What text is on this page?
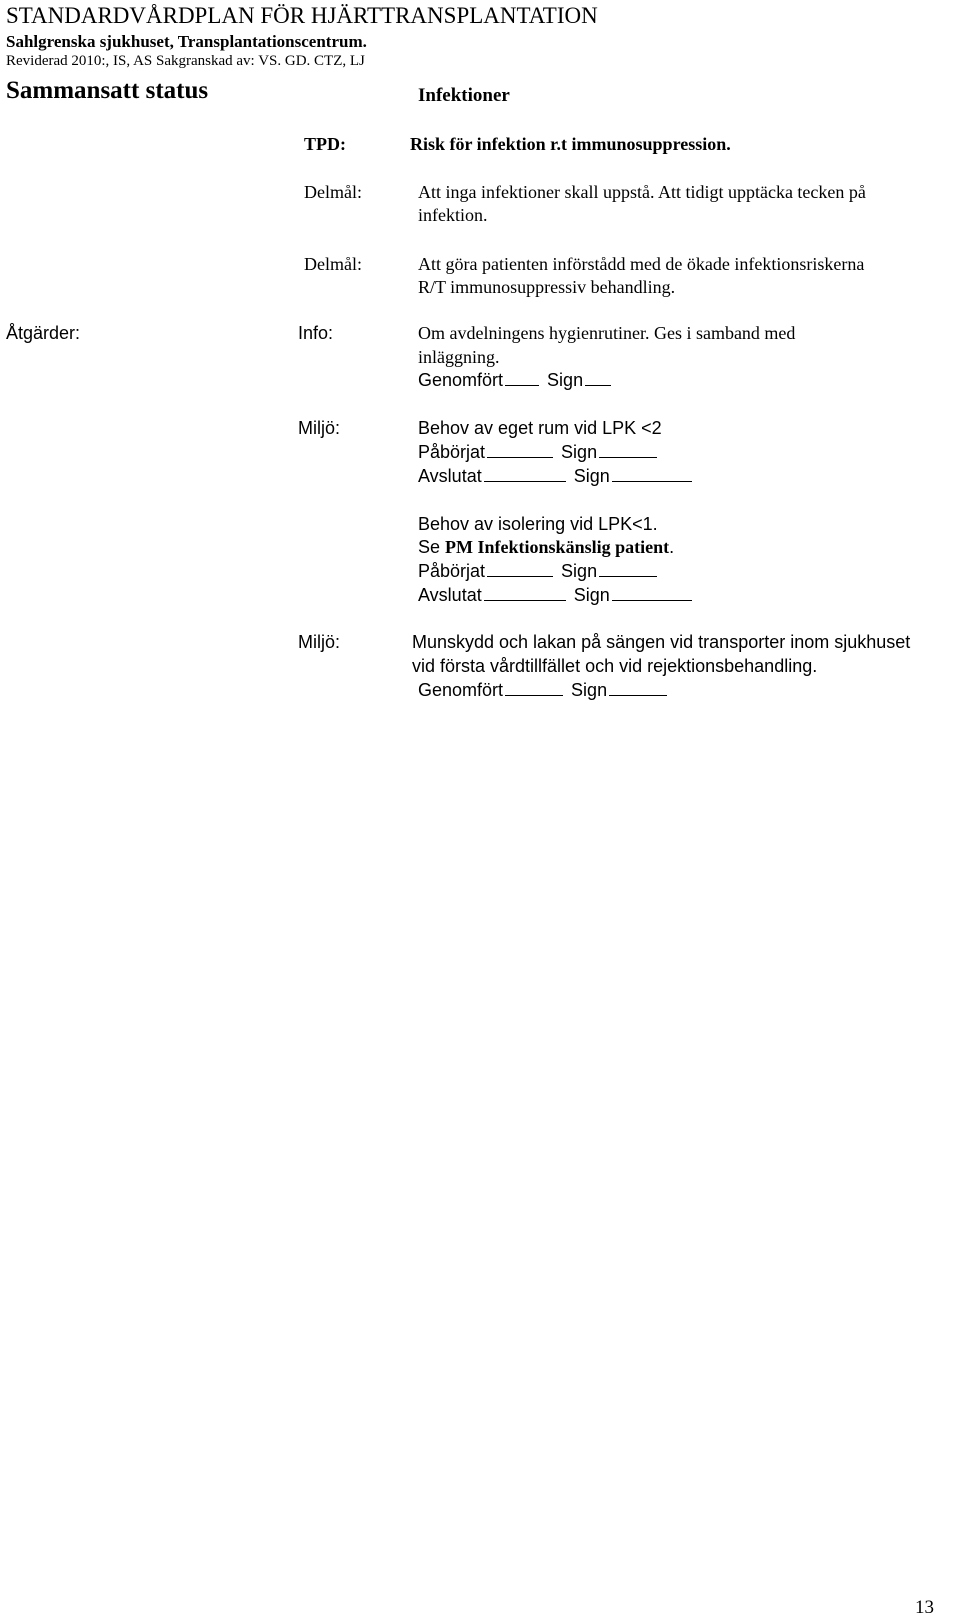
STANDARDVÅRDPLAN FÖR HJÄRTTRANSPLANTATION
Sahlgrenska sjukhuset, Transplantationscentrum.
Reviderad 2010:, IS, AS Sakgranskad av: VS. GD. CTZ, LJ
Sammansatt status	Infektioner
TPD:	Risk för infektion r.t immunosuppression.
Delmål:	Att inga infektioner skall uppstå. Att tidigt upptäcka tecken på
infektion.
Delmål:	Att göra patienten införstådd med de ökade infektionsriskerna
R/T immunosuppressiv behandling.
Åtgärder:	Info:	Om avdelningens hygienrutiner. Ges i samband med
inläggning.
Genomfört Sign
Miljö:	Behov av eget rum vid LPK <2
Påbörjat	Sign
Avslutat	Sign
Behov av isolering vid LPK<1.
Se PM Infektionskänslig patient.
Påbörjat	Sign
Avslutat	Sign
Miljö:	Munskydd och lakan på sängen vid transporter inom sjukhuset
vid första vårdtillfället och vid rejektionsbehandling.
Genomfört	Sign
13
